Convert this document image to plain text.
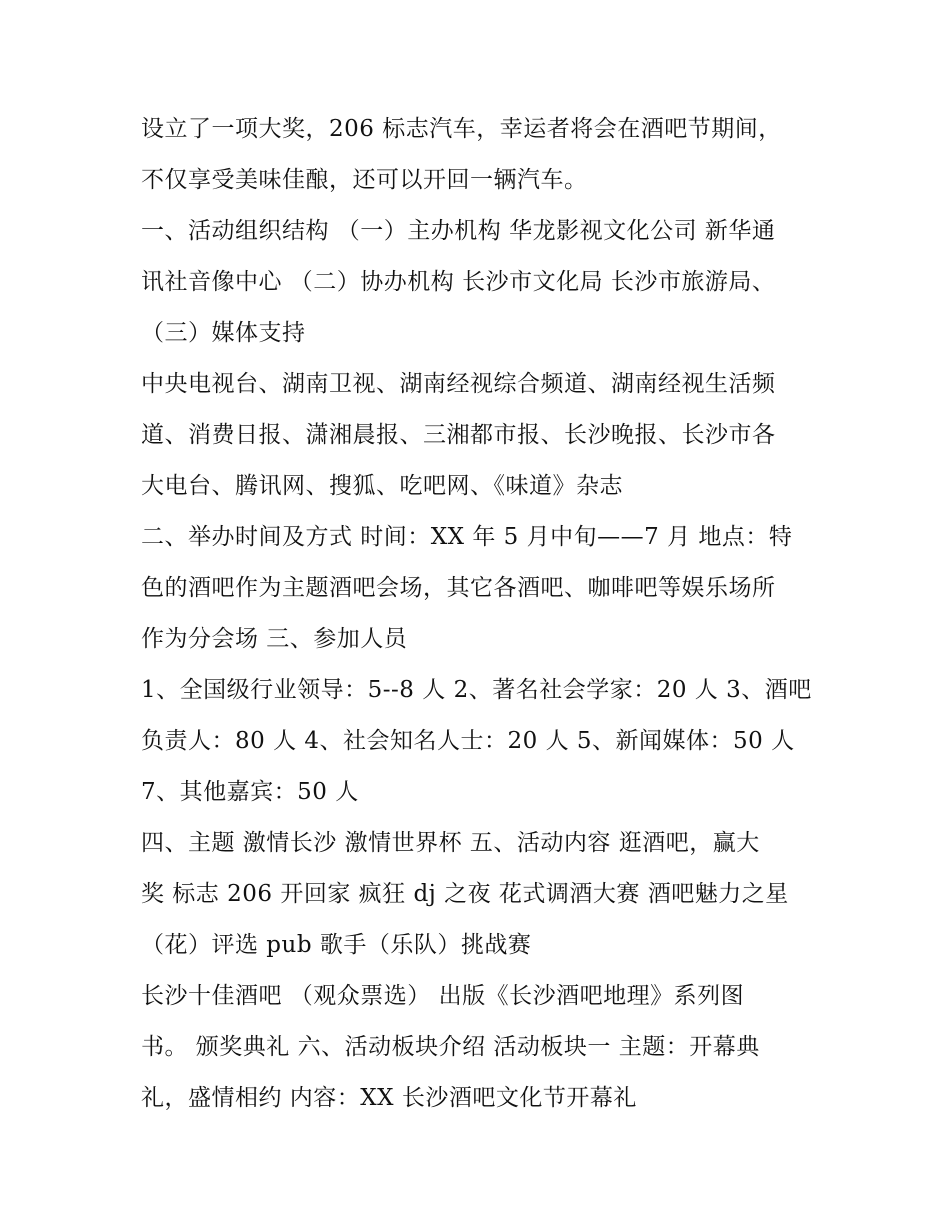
设立了一项大奖，206 标志汽车，幸运者将会在酒吧节期间，
不仅享受美味佳酿，还可以开回一辆汽车。
一、活动组织结构 （一）主办机构 华龙影视文化公司 新华通
讯社音像中心 （二）协办机构 长沙市文化局 长沙市旅游局、
（三）媒体支持
中央电视台、湖南卫视、湖南经视综合频道、湖南经视生活频
道、消费日报、潇湘晨报、三湘都市报、长沙晚报、长沙市各
大电台、腾讯网、搜狐、吃吧网、《味道》杂志
二、举办时间及方式 时间：XX 年 5 月中旬——7 月 地点：特
色的酒吧作为主题酒吧会场，其它各酒吧、咖啡吧等娱乐场所
作为分会场 三、参加人员
1、全国级行业领导：5--8 人 2、著名社会学家：20 人 3、酒吧
负责人：80 人 4、社会知名人士：20 人 5、新闻媒体：50 人
7、其他嘉宾：50 人
四、主题 激情长沙 激情世界杯 五、活动内容 逛酒吧，赢大
奖 标志 206 开回家 疯狂 dj 之夜 花式调酒大赛 酒吧魅力之星
（花）评选 pub 歌手（乐队）挑战赛
长沙十佳酒吧 （观众票选） 出版《长沙酒吧地理》系列图
书。 颁奖典礼 六、活动板块介绍 活动板块一 主题：开幕典
礼，盛情相约 内容：XX 长沙酒吧文化节开幕礼
